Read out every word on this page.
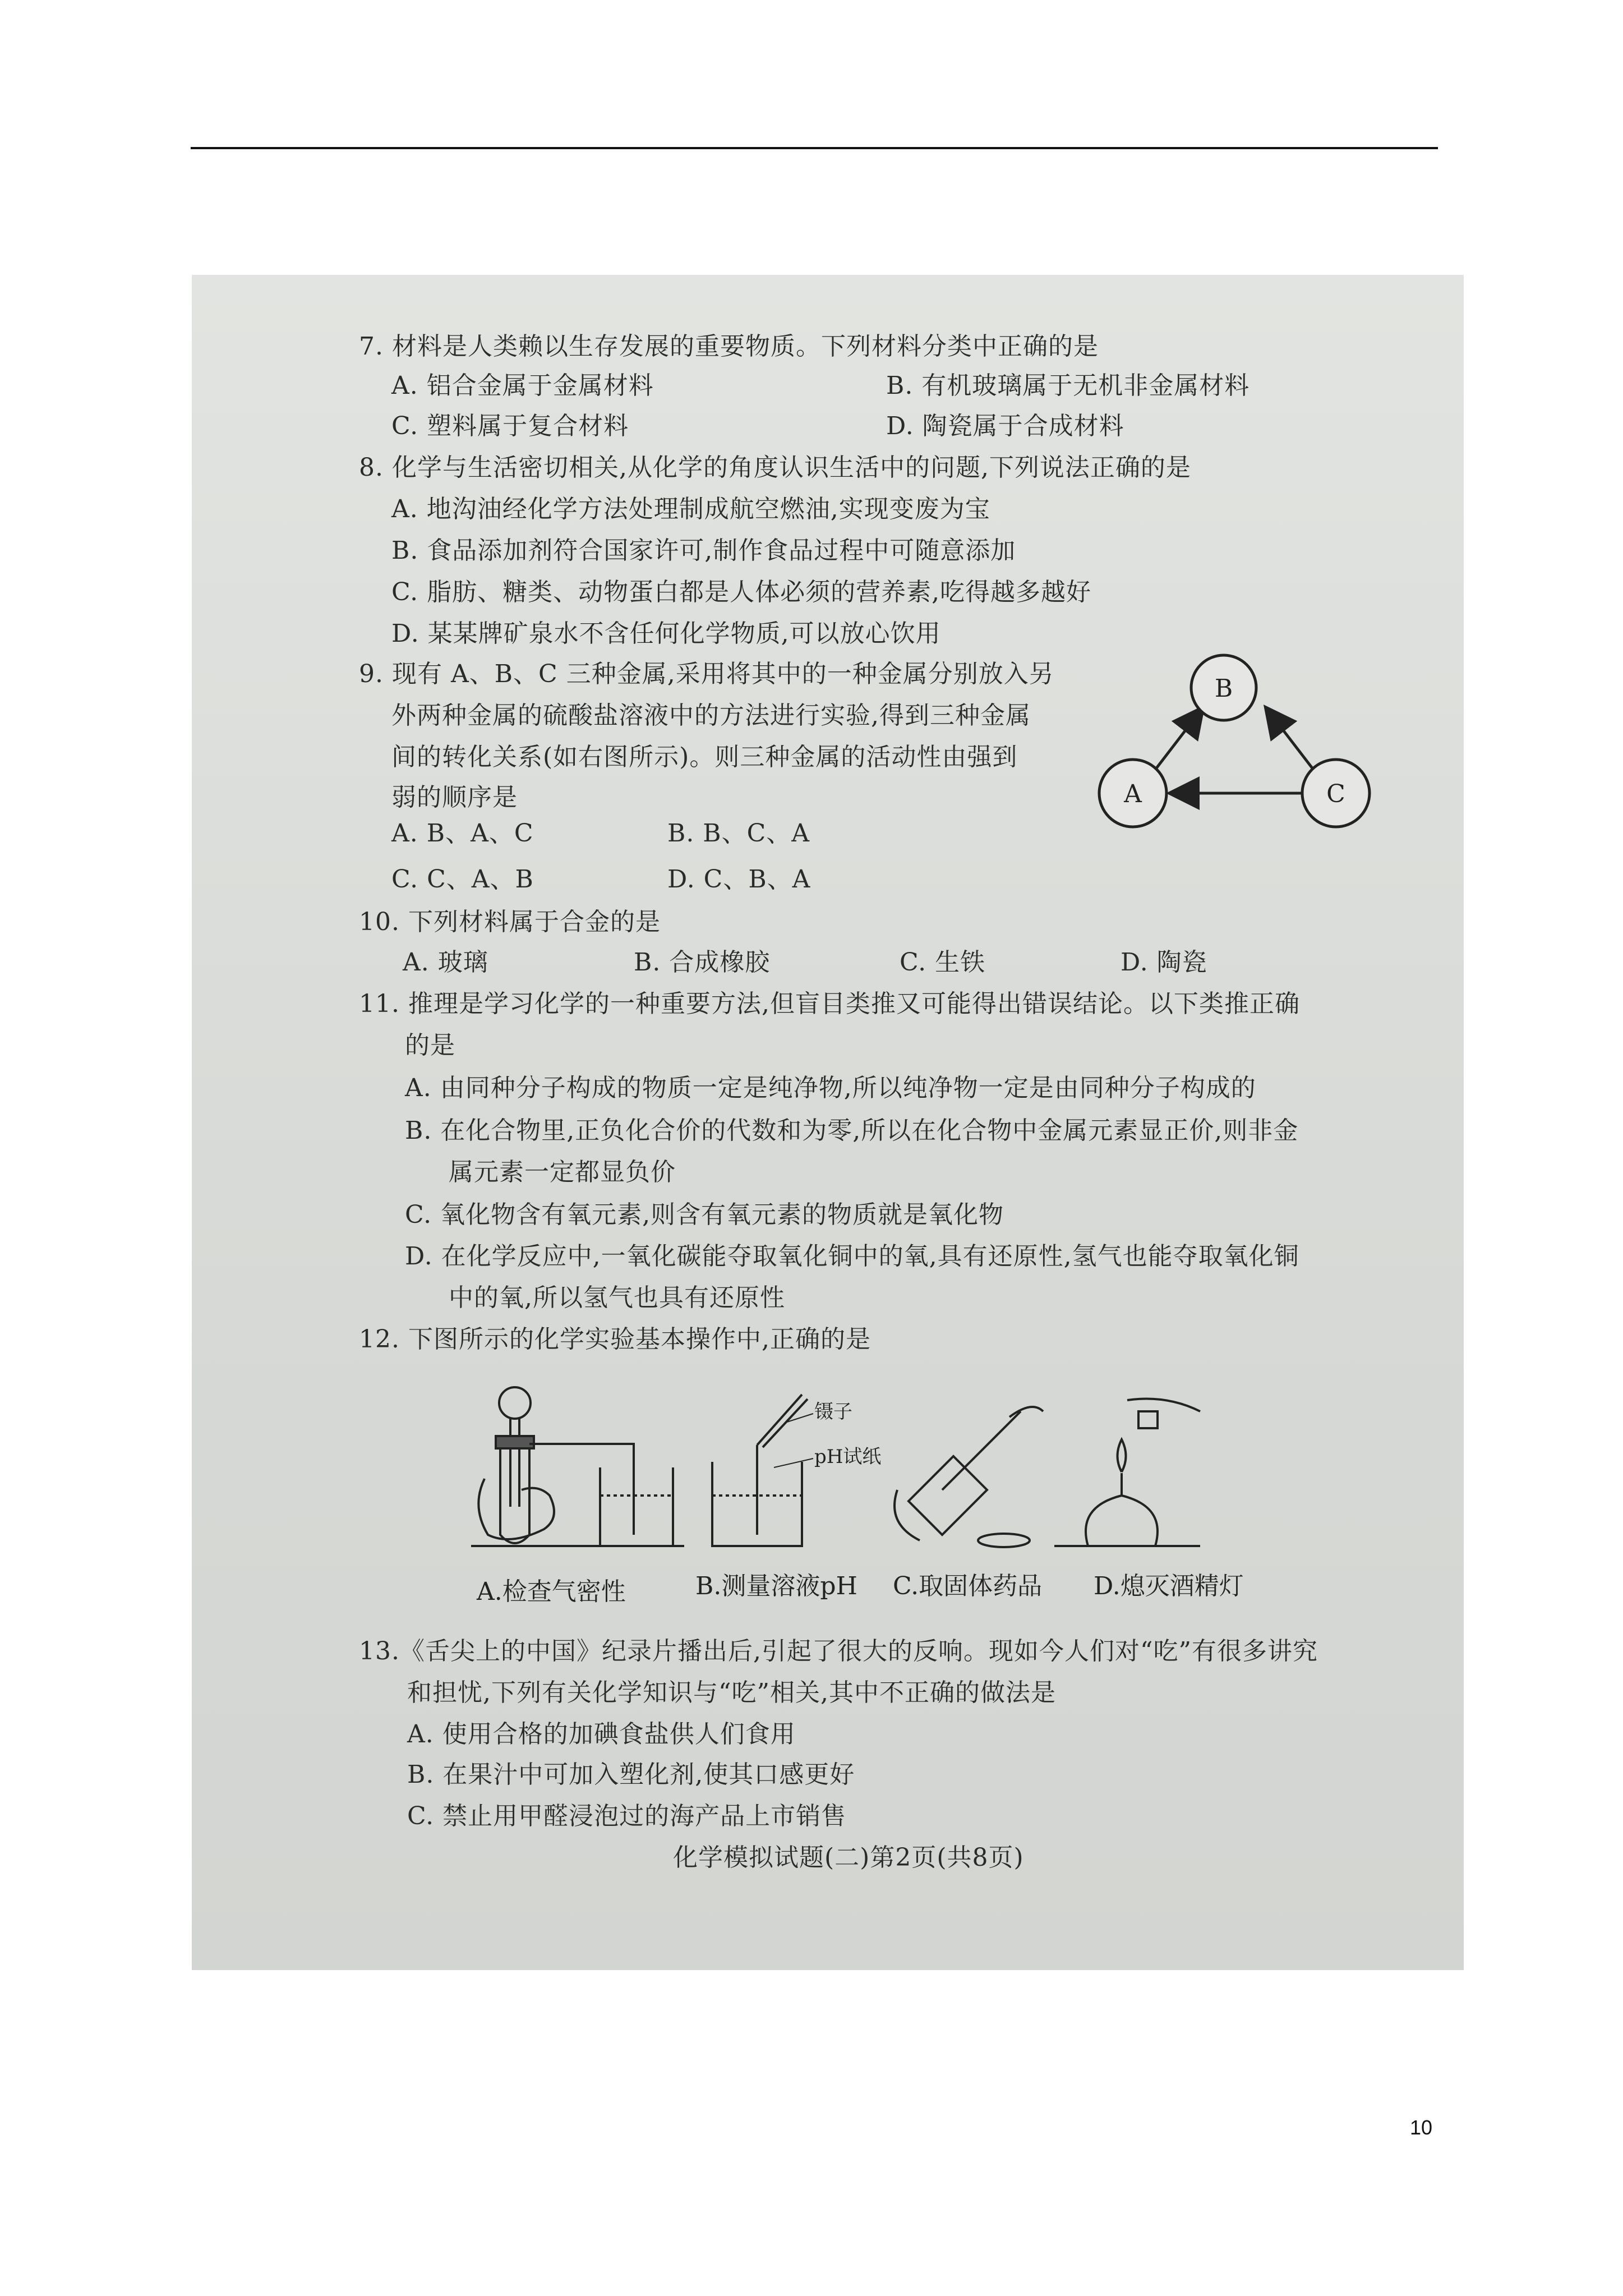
7. 材料是人类赖以生存发展的重要物质。下列材料分类中正确的是
A. 铝合金属于金属材料	B. 有机玻璃属于无机非金属材料
C. 塑料属于复合材料	D. 陶瓷属于合成材料
8. 化学与生活密切相关,从化学的角度认识生活中的问题,下列说法正确的是
A. 地沟油经化学方法处理制成航空燃油,实现变废为宝
B. 食品添加剂符合国家许可,制作食品过程中可随意添加
C. 脂肪、糖类、动物蛋白都是人体必须的营养素,吃得越多越好
D. 某某牌矿泉水不含任何化学物质,可以放心饮用
9. 现有 A、B、C 三种金属,采用将其中的一种金属分别放入另
外两种金属的硫酸盐溶液中的方法进行实验,得到三种金属
间的转化关系(如右图所示)。则三种金属的活动性由强到
弱的顺序是
A. B、A、C	B. B、C、A
C. C、A、B	D. C、B、A
B
A	C
10. 下列材料属于合金的是
A. 玻璃	B. 合成橡胶	C. 生铁	D. 陶瓷
11. 推理是学习化学的一种重要方法,但盲目类推又可能得出错误结论。以下类推正确
的是
A. 由同种分子构成的物质一定是纯净物,所以纯净物一定是由同种分子构成的
B. 在化合物里,正负化合价的代数和为零,所以在化合物中金属元素显正价,则非金
属元素一定都显负价
C. 氧化物含有氧元素,则含有氧元素的物质就是氧化物
D. 在化学反应中,一氧化碳能夺取氧化铜中的氧,具有还原性,氢气也能夺取氧化铜
中的氧,所以氢气也具有还原性
12. 下图所示的化学实验基本操作中,正确的是
镊子
pH试纸
A.检查气密性	B.测量溶液pH C.取固体药品 D.熄灭酒精灯
13.《舌尖上的中国》纪录片播出后,引起了很大的反响。现如今人们对“吃”有很多讲究
和担忧,下列有关化学知识与“吃”相关,其中不正确的做法是
A. 使用合格的加碘食盐供人们食用
B. 在果汁中可加入塑化剂,使其口感更好
C. 禁止用甲醛浸泡过的海产品上市销售
化学模拟试题(二)第2页(共8页)
10
